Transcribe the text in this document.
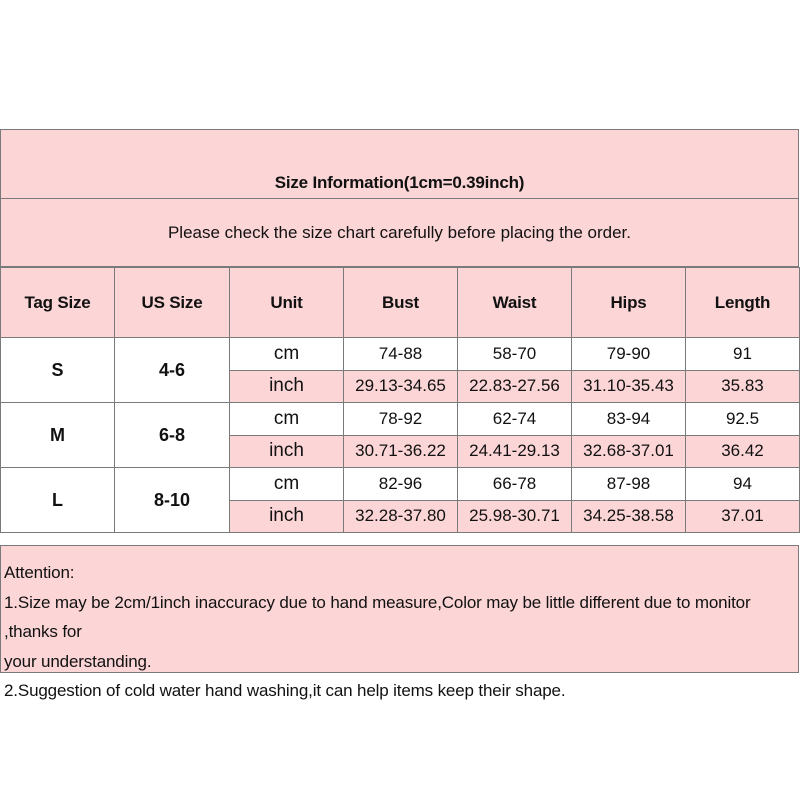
Size Information(1cm=0.39inch)
Please check the size chart carefully before placing the order.
Tag Size	US Size	Unit	Bust	Waist	Hips	Length
S	4-6	cm	74-88	58-70	79-90	91
		inch	29.13-34.65	22.83-27.56	31.10-35.43	35.83
M	6-8	cm	78-92	62-74	83-94	92.5
		inch	30.71-36.22	24.41-29.13	32.68-37.01	36.42
L	8-10	cm	82-96	66-78	87-98	94
		inch	32.28-37.80	25.98-30.71	34.25-38.58	37.01

Attention:

1.Size may be 2cm/1inch inaccuracy due to hand measure,Color may be little different due to monitor ,thanks for

your understanding.

2.Suggestion of cold water hand washing,it can help items keep their shape.
